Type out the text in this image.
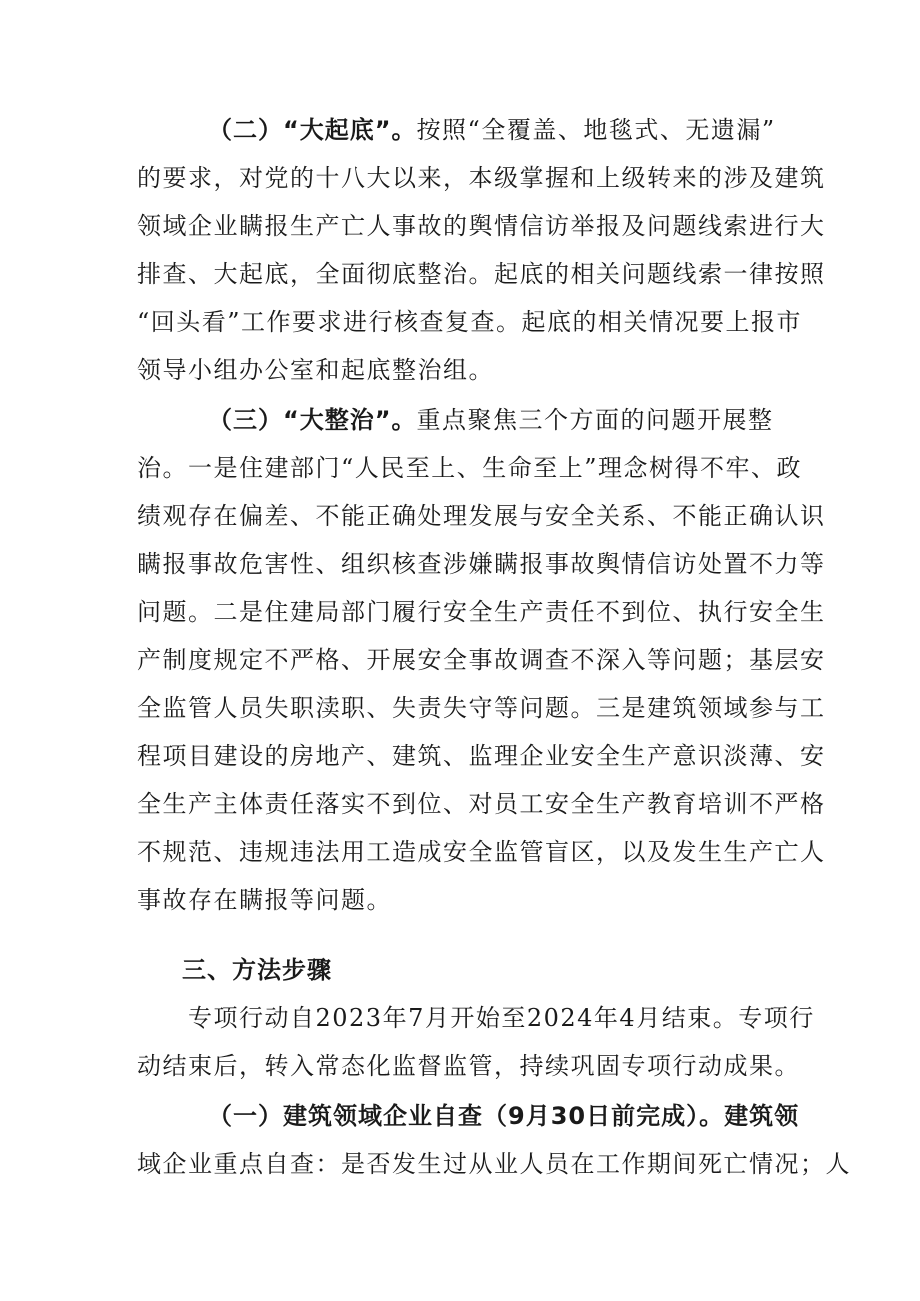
（二）“大起底”。按照“全覆盖、地毯式、无遗漏”
的要求，对党的十八大以来，本级掌握和上级转来的涉及建筑
领域企业瞒报生产亡人事故的舆情信访举报及问题线索进行大
排查、大起底，全面彻底整治。起底的相关问题线索一律按照
“回头看”工作要求进行核查复查。起底的相关情况要上报市
领导小组办公室和起底整治组。
（三）“大整治”。重点聚焦三个方面的问题开展整
治。一是住建部门“人民至上、生命至上”理念树得不牢、政
绩观存在偏差、不能正确处理发展与安全关系、不能正确认识
瞒报事故危害性、组织核查涉嫌瞒报事故舆情信访处置不力等
问题。二是住建局部门履行安全生产责任不到位、执行安全生
产制度规定不严格、开展安全事故调查不深入等问题；基层安
全监管人员失职渎职、失责失守等问题。三是建筑领域参与工
程项目建设的房地产、建筑、监理企业安全生产意识淡薄、安
全生产主体责任落实不到位、对员工安全生产教育培训不严格
不规范、违规违法用工造成安全监管盲区，以及发生生产亡人
事故存在瞒报等问题。
三、方法步骤
专项行动自2023年7月开始至2024年4月结束。专项行
动结束后，转入常态化监督监管，持续巩固专项行动成果。
（一）建筑领域企业自查（9月30日前完成）。建筑领
域企业重点自查：是否发生过从业人员在工作期间死亡情况；人
